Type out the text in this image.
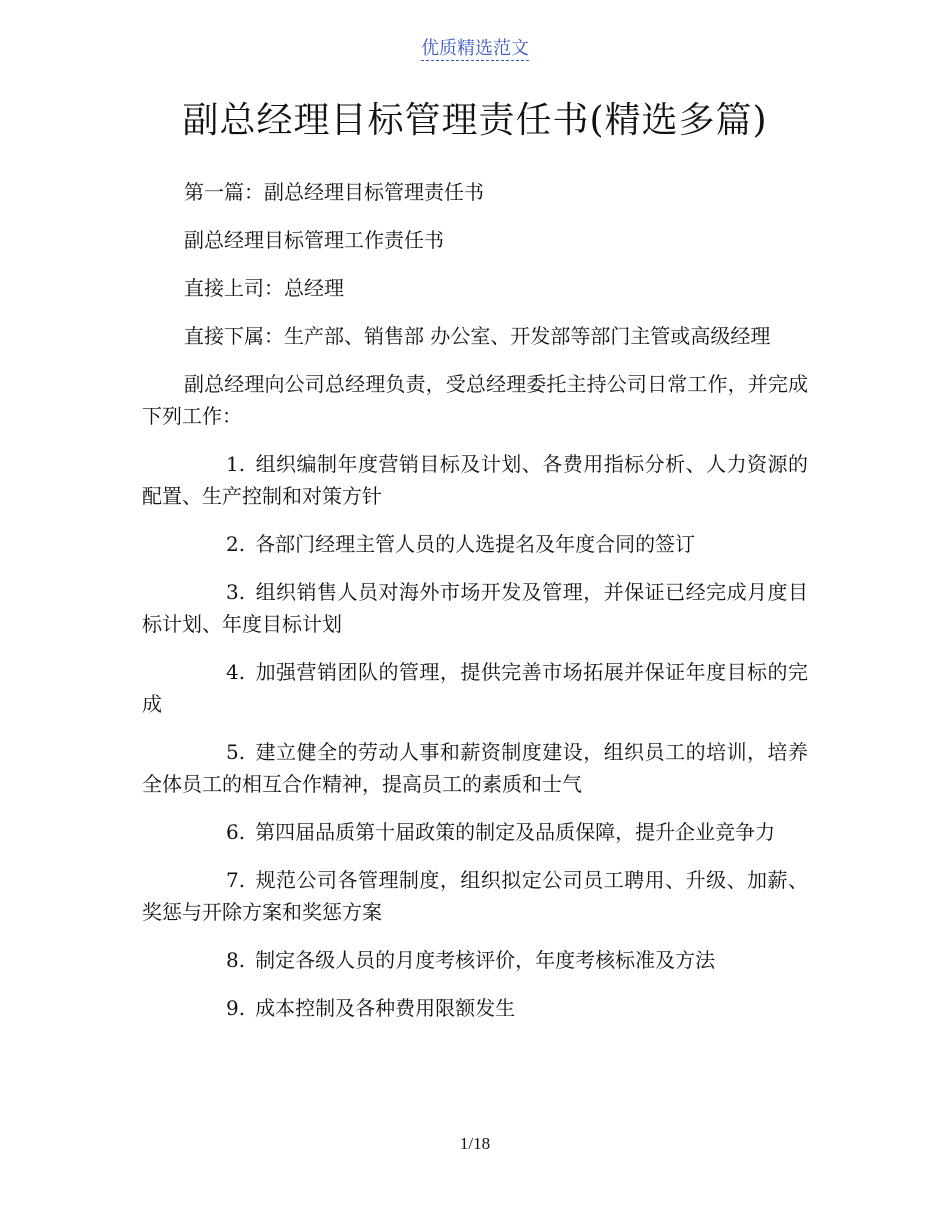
优质精选范文
副总经理目标管理责任书(精选多篇)

第一篇：副总经理目标管理责任书

副总经理目标管理工作责任书

直接上司：总经理

直接下属：生产部、销售部 办公室、开发部等部门主管或高级经理

副总经理向公司总经理负责，受总经理委托主持公司日常工作，并完成下列工作：

1. 组织编制年度营销目标及计划、各费用指标分析、人力资源的配置、生产控制和对策方针

2. 各部门经理主管人员的人选提名及年度合同的签订

3. 组织销售人员对海外市场开发及管理，并保证已经完成月度目标计划、年度目标计划

4. 加强营销团队的管理，提供完善市场拓展并保证年度目标的完成

5. 建立健全的劳动人事和薪资制度建设，组织员工的培训，培养全体员工的相互合作精神，提高员工的素质和士气

6. 第四届品质第十届政策的制定及品质保障，提升企业竞争力

7. 规范公司各管理制度，组织拟定公司员工聘用、升级、加薪、奖惩与开除方案和奖惩方案

8. 制定各级人员的月度考核评价，年度考核标准及方法

9. 成本控制及各种费用限额发生

1/18
